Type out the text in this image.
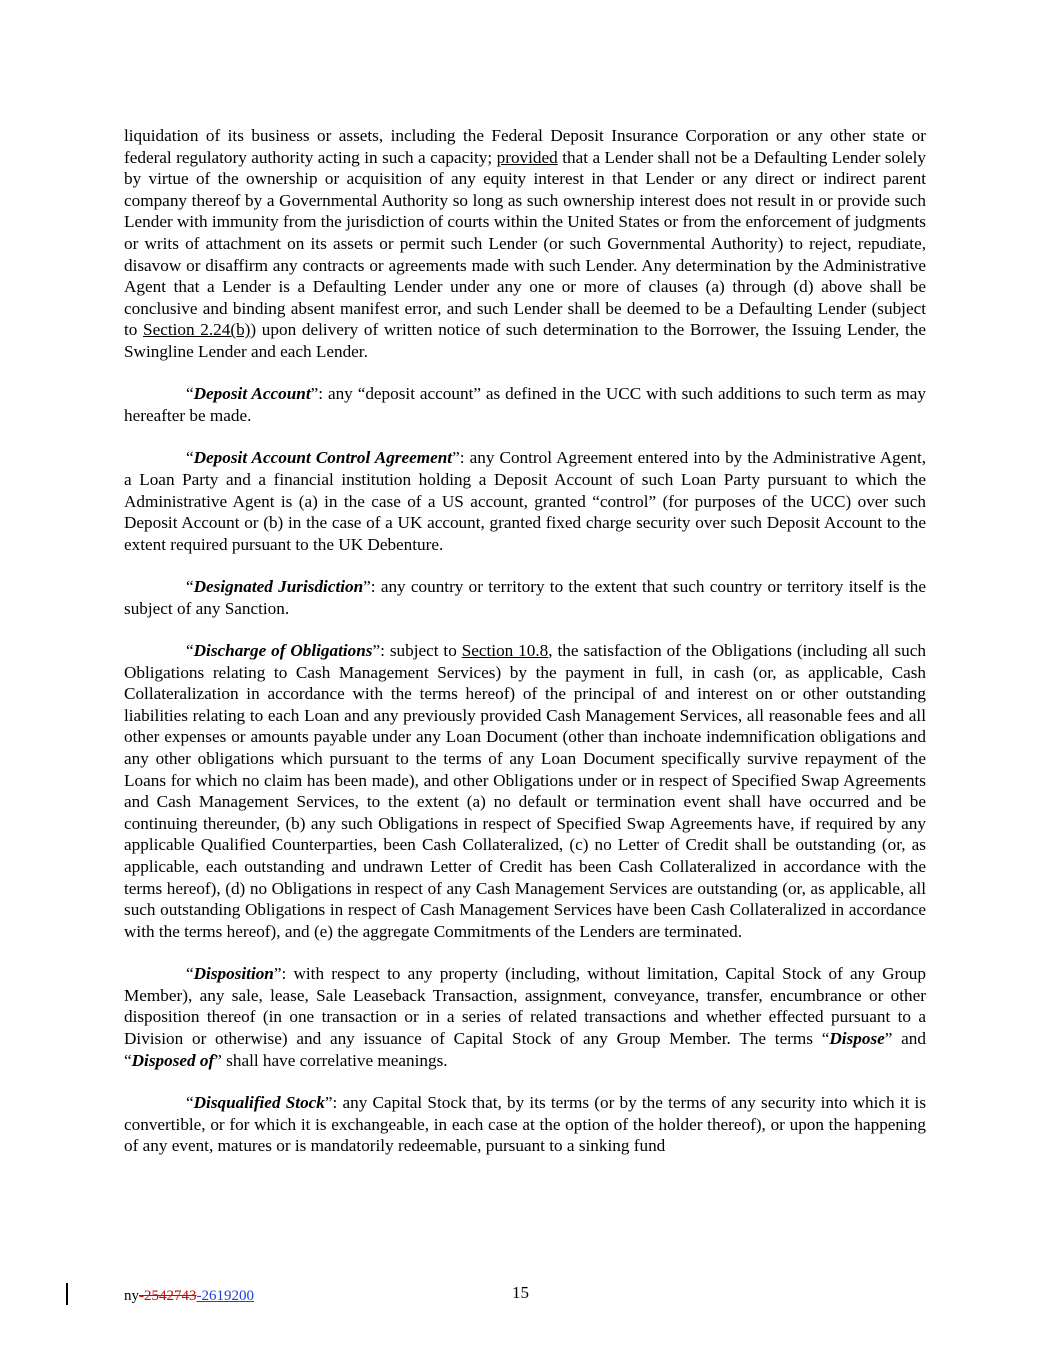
liquidation of its business or assets, including the Federal Deposit Insurance Corporation or any other state or federal regulatory authority acting in such a capacity; provided that a Lender shall not be a Defaulting Lender solely by virtue of the ownership or acquisition of any equity interest in that Lender or any direct or indirect parent company thereof by a Governmental Authority so long as such ownership interest does not result in or provide such Lender with immunity from the jurisdiction of courts within the United States or from the enforcement of judgments or writs of attachment on its assets or permit such Lender (or such Governmental Authority) to reject, repudiate, disavow or disaffirm any contracts or agreements made with such Lender. Any determination by the Administrative Agent that a Lender is a Defaulting Lender under any one or more of clauses (a) through (d) above shall be conclusive and binding absent manifest error, and such Lender shall be deemed to be a Defaulting Lender (subject to Section 2.24(b)) upon delivery of written notice of such determination to the Borrower, the Issuing Lender, the Swingline Lender and each Lender.

“Deposit Account”: any “deposit account” as defined in the UCC with such additions to such term as may hereafter be made.

“Deposit Account Control Agreement”: any Control Agreement entered into by the Administrative Agent, a Loan Party and a financial institution holding a Deposit Account of such Loan Party pursuant to which the Administrative Agent is (a) in the case of a US account, granted “control” (for purposes of the UCC) over such Deposit Account or (b) in the case of a UK account, granted fixed charge security over such Deposit Account to the extent required pursuant to the UK Debenture.

“Designated Jurisdiction”: any country or territory to the extent that such country or territory itself is the subject of any Sanction.

“Discharge of Obligations”: subject to Section 10.8, the satisfaction of the Obligations (including all such Obligations relating to Cash Management Services) by the payment in full, in cash (or, as applicable, Cash Collateralization in accordance with the terms hereof) of the principal of and interest on or other outstanding liabilities relating to each Loan and any previously provided Cash Management Services, all reasonable fees and all other expenses or amounts payable under any Loan Document (other than inchoate indemnification obligations and any other obligations which pursuant to the terms of any Loan Document specifically survive repayment of the Loans for which no claim has been made), and other Obligations under or in respect of Specified Swap Agreements and Cash Management Services, to the extent (a) no default or termination event shall have occurred and be continuing thereunder, (b) any such Obligations in respect of Specified Swap Agreements have, if required by any applicable Qualified Counterparties, been Cash Collateralized, (c) no Letter of Credit shall be outstanding (or, as applicable, each outstanding and undrawn Letter of Credit has been Cash Collateralized in accordance with the terms hereof), (d) no Obligations in respect of any Cash Management Services are outstanding (or, as applicable, all such outstanding Obligations in respect of Cash Management Services have been Cash Collateralized in accordance with the terms hereof), and (e) the aggregate Commitments of the Lenders are terminated.

“Disposition”: with respect to any property (including, without limitation, Capital Stock of any Group Member), any sale, lease, Sale Leaseback Transaction, assignment, conveyance, transfer, encumbrance or other disposition thereof (in one transaction or in a series of related transactions and whether effected pursuant to a Division or otherwise) and any issuance of Capital Stock of any Group Member. The terms “Dispose” and “Disposed of” shall have correlative meanings.

“Disqualified Stock”: any Capital Stock that, by its terms (or by the terms of any security into which it is convertible, or for which it is exchangeable, in each case at the option of the holder thereof), or upon the happening of any event, matures or is mandatorily redeemable, pursuant to a sinking fund

ny-2542743-2619200	15
